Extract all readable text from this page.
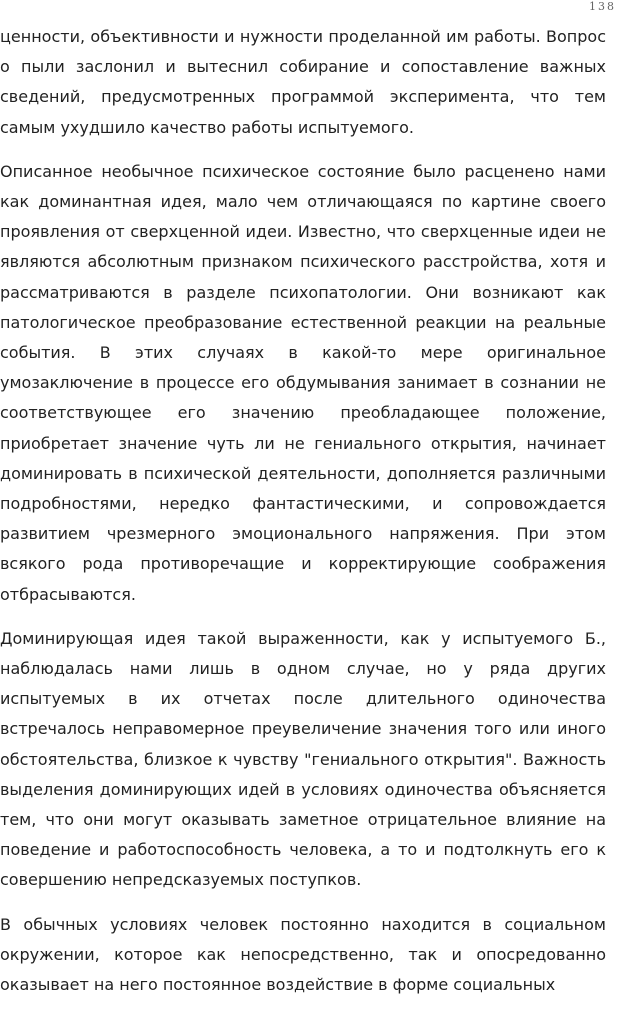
138

ценности, объективности и нужности проделанной им работы. Вопрос о пыли заслонил и вытеснил собирание и сопоставление важных сведений, предусмотренных программой эксперимента, что тем самым ухудшило качество работы испытуемого.

Описанное необычное психическое состояние было расценено нами как доминантная идея, мало чем отличающаяся по картине своего проявления от сверхценной идеи. Известно, что сверхценные идеи не являются абсолютным признаком психического расстройства, хотя и рассматриваются в разделе психопатологии. Они возникают как патологическое преобразование естественной реакции на реальные события. В этих случаях в какой-то мере оригинальное умозаключение в процессе его обдумывания занимает в сознании не соответствующее его значению преобладающее положение, приобретает значение чуть ли не гениального открытия, начинает доминировать в психической деятельности, дополняется различными подробностями, нередко фантастическими, и сопровождается развитием чрезмерного эмоционального напряжения. При этом всякого рода противоречащие и корректирующие соображения отбрасываются.

Доминирующая идея такой выраженности, как у испытуемого Б., наблюдалась нами лишь в одном случае, но у ряда других испытуемых в их отчетах после длительного одиночества встречалось неправомерное преувеличение значения того или иного обстоятельства, близкое к чувству "гениального открытия". Важность выделения доминирующих идей в условиях одиночества объясняется тем, что они могут оказывать заметное отрицательное влияние на поведение и работоспособность человека, а то и подтолкнуть его к совершению непредсказуемых поступков.

В обычных условиях человек постоянно находится в социальном окружении, которое как непосредственно, так и опосредованно оказывает на него постоянное воздействие в форме социальных
